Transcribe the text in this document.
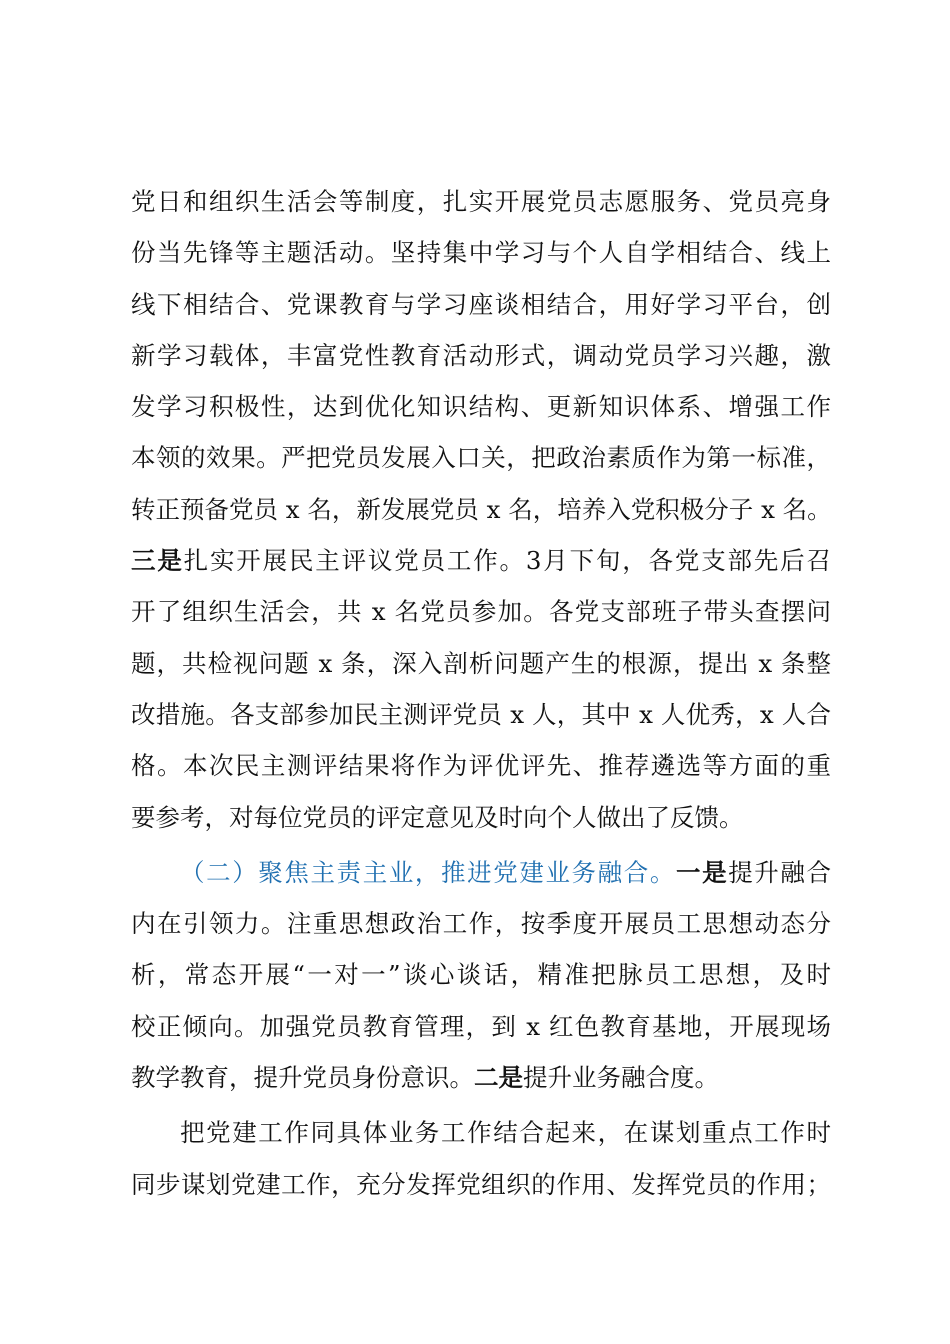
党日和组织生活会等制度，扎实开展党员志愿服务、党员亮身
份当先锋等主题活动。坚持集中学习与个人自学相结合、线上
线下相结合、党课教育与学习座谈相结合，用好学习平台，创
新学习载体，丰富党性教育活动形式，调动党员学习兴趣，激
发学习积极性，达到优化知识结构、更新知识体系、增强工作
本领的效果。严把党员发展入口关，把政治素质作为第一标准，
转正预备党员 x 名，新发展党员 x 名，培养入党积极分子 x 名。
三是扎实开展民主评议党员工作。3月下旬，各党支部先后召
开了组织生活会，共 x 名党员参加。各党支部班子带头查摆问
题，共检视问题 x 条，深入剖析问题产生的根源，提出 x 条整
改措施。各支部参加民主测评党员 x 人，其中 x 人优秀，x 人合
格。本次民主测评结果将作为评优评先、推荐遴选等方面的重
要参考，对每位党员的评定意见及时向个人做出了反馈。
（二）聚焦主责主业，推进党建业务融合。一是提升融合
内在引领力。注重思想政治工作，按季度开展员工思想动态分
析，常态开展“一对一”谈心谈话，精准把脉员工思想，及时
校正倾向。加强党员教育管理，到 x 红色教育基地，开展现场
教学教育，提升党员身份意识。二是提升业务融合度。
把党建工作同具体业务工作结合起来，在谋划重点工作时
同步谋划党建工作，充分发挥党组织的作用、发挥党员的作用；
